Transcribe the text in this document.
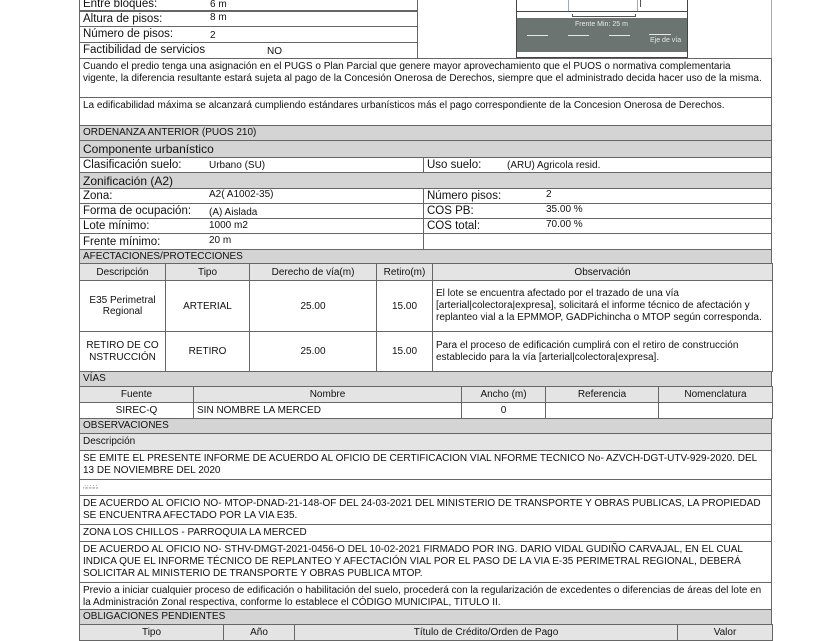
Entre bloques:	6 m
Altura de pisos:	8 m
Número de pisos:	2
Factibilidad de servicios	NO
Frente Min: 25 m
Eje de vía
Cuando el predio tenga una asignación en el PUGS o Plan Parcial que genere mayor aprovechamiento que el PUOS o normativa complementaria vigente, la diferencia resultante estará sujeta al pago de la Concesión Onerosa de Derechos, siempre que el administrado decida hacer uso de la misma.
La edificabilidad máxima se alcanzará cumpliendo estándares urbanísticos más el pago correspondiente de la Concesion Onerosa de Derechos.
ORDENANZA ANTERIOR (PUOS 210)
Componente urbanístico
Clasificación suelo:	Urbano (SU)	Uso suelo:	(ARU) Agricola resid.
Zonificación (A2)
Zona:	A2( A1002-35)
Forma de ocupación: (A) Aislada
Lote mínimo:	1000 m2
Frente mínimo:	20 m
Número pisos:	2
COS PB:	35.00 %
COS total:	70.00 %
AFECTACIONES/PROTECCIONES
Descripción	Tipo	Derecho de vía(m)	Retiro(m)	Observación
E35 Perimetral Regional	ARTERIAL	25.00	15.00	El lote se encuentra afectado por el trazado de una vía [arterial|colectora|expresa], solicitará el informe técnico de afectación y replanteo vial a la EPMMOP, GADPichincha o MTOP según corresponda.
RETIRO DE CONSTRUCCIÓN	RETIRO	25.00	15.00	Para el proceso de edificación cumplirá con el retiro de construcción establecido para la vía [arterial|colectora|expresa].
VÍAS
Fuente	Nombre	Ancho (m)	Referencia	Nomenclatura
SIREC-Q	SIN NOMBRE LA MERCED	0		
OBSERVACIONES
Descripción
SE EMITE EL PRESENTE INFORME DE ACUERDO AL OFICIO DE CERTIFICACION VIAL NFORME TECNICO No- AZVCH-DGT-UTV-929-2020. DEL 13 DE NOVIEMBRE DEL 2020
,;,;,;,;,;,
DE ACUERDO AL OFICIO NO- MTOP-DNAD-21-148-OF DEL 24-03-2021 DEL MINISTERIO DE TRANSPORTE Y OBRAS PUBLICAS, LA PROPIEDAD SE ENCUENTRA AFECTADO POR LA VIA E35.
ZONA LOS CHILLOS - PARROQUIA LA MERCED
DE ACUERDO AL OFICIO NO- STHV-DMGT-2021-0456-O DEL 10-02-2021 FIRMADO POR ING. DARIO VIDAL GUDIÑO CARVAJAL, EN EL CUAL INDICA QUE EL INFORME TÉCNICO DE REPLANTEO Y AFECTACIÓN VIAL POR EL PASO DE LA VIA E-35 PERIMETRAL REGIONAL, DEBERÁ SOLICITAR AL MINISTERIO DE TRANSPORTE Y OBRAS PUBLICA MTOP.
Previo a iniciar cualquier proceso de edificación o habilitación del suelo, procederá con la regularización de excedentes o diferencias de áreas del lote en la Administración Zonal respectiva, conforme lo establece el CÓDIGO MUNICIPAL, TITULO II.
OBLIGACIONES PENDIENTES
Tipo	Año	Título de Crédito/Orden de Pago	Valor
